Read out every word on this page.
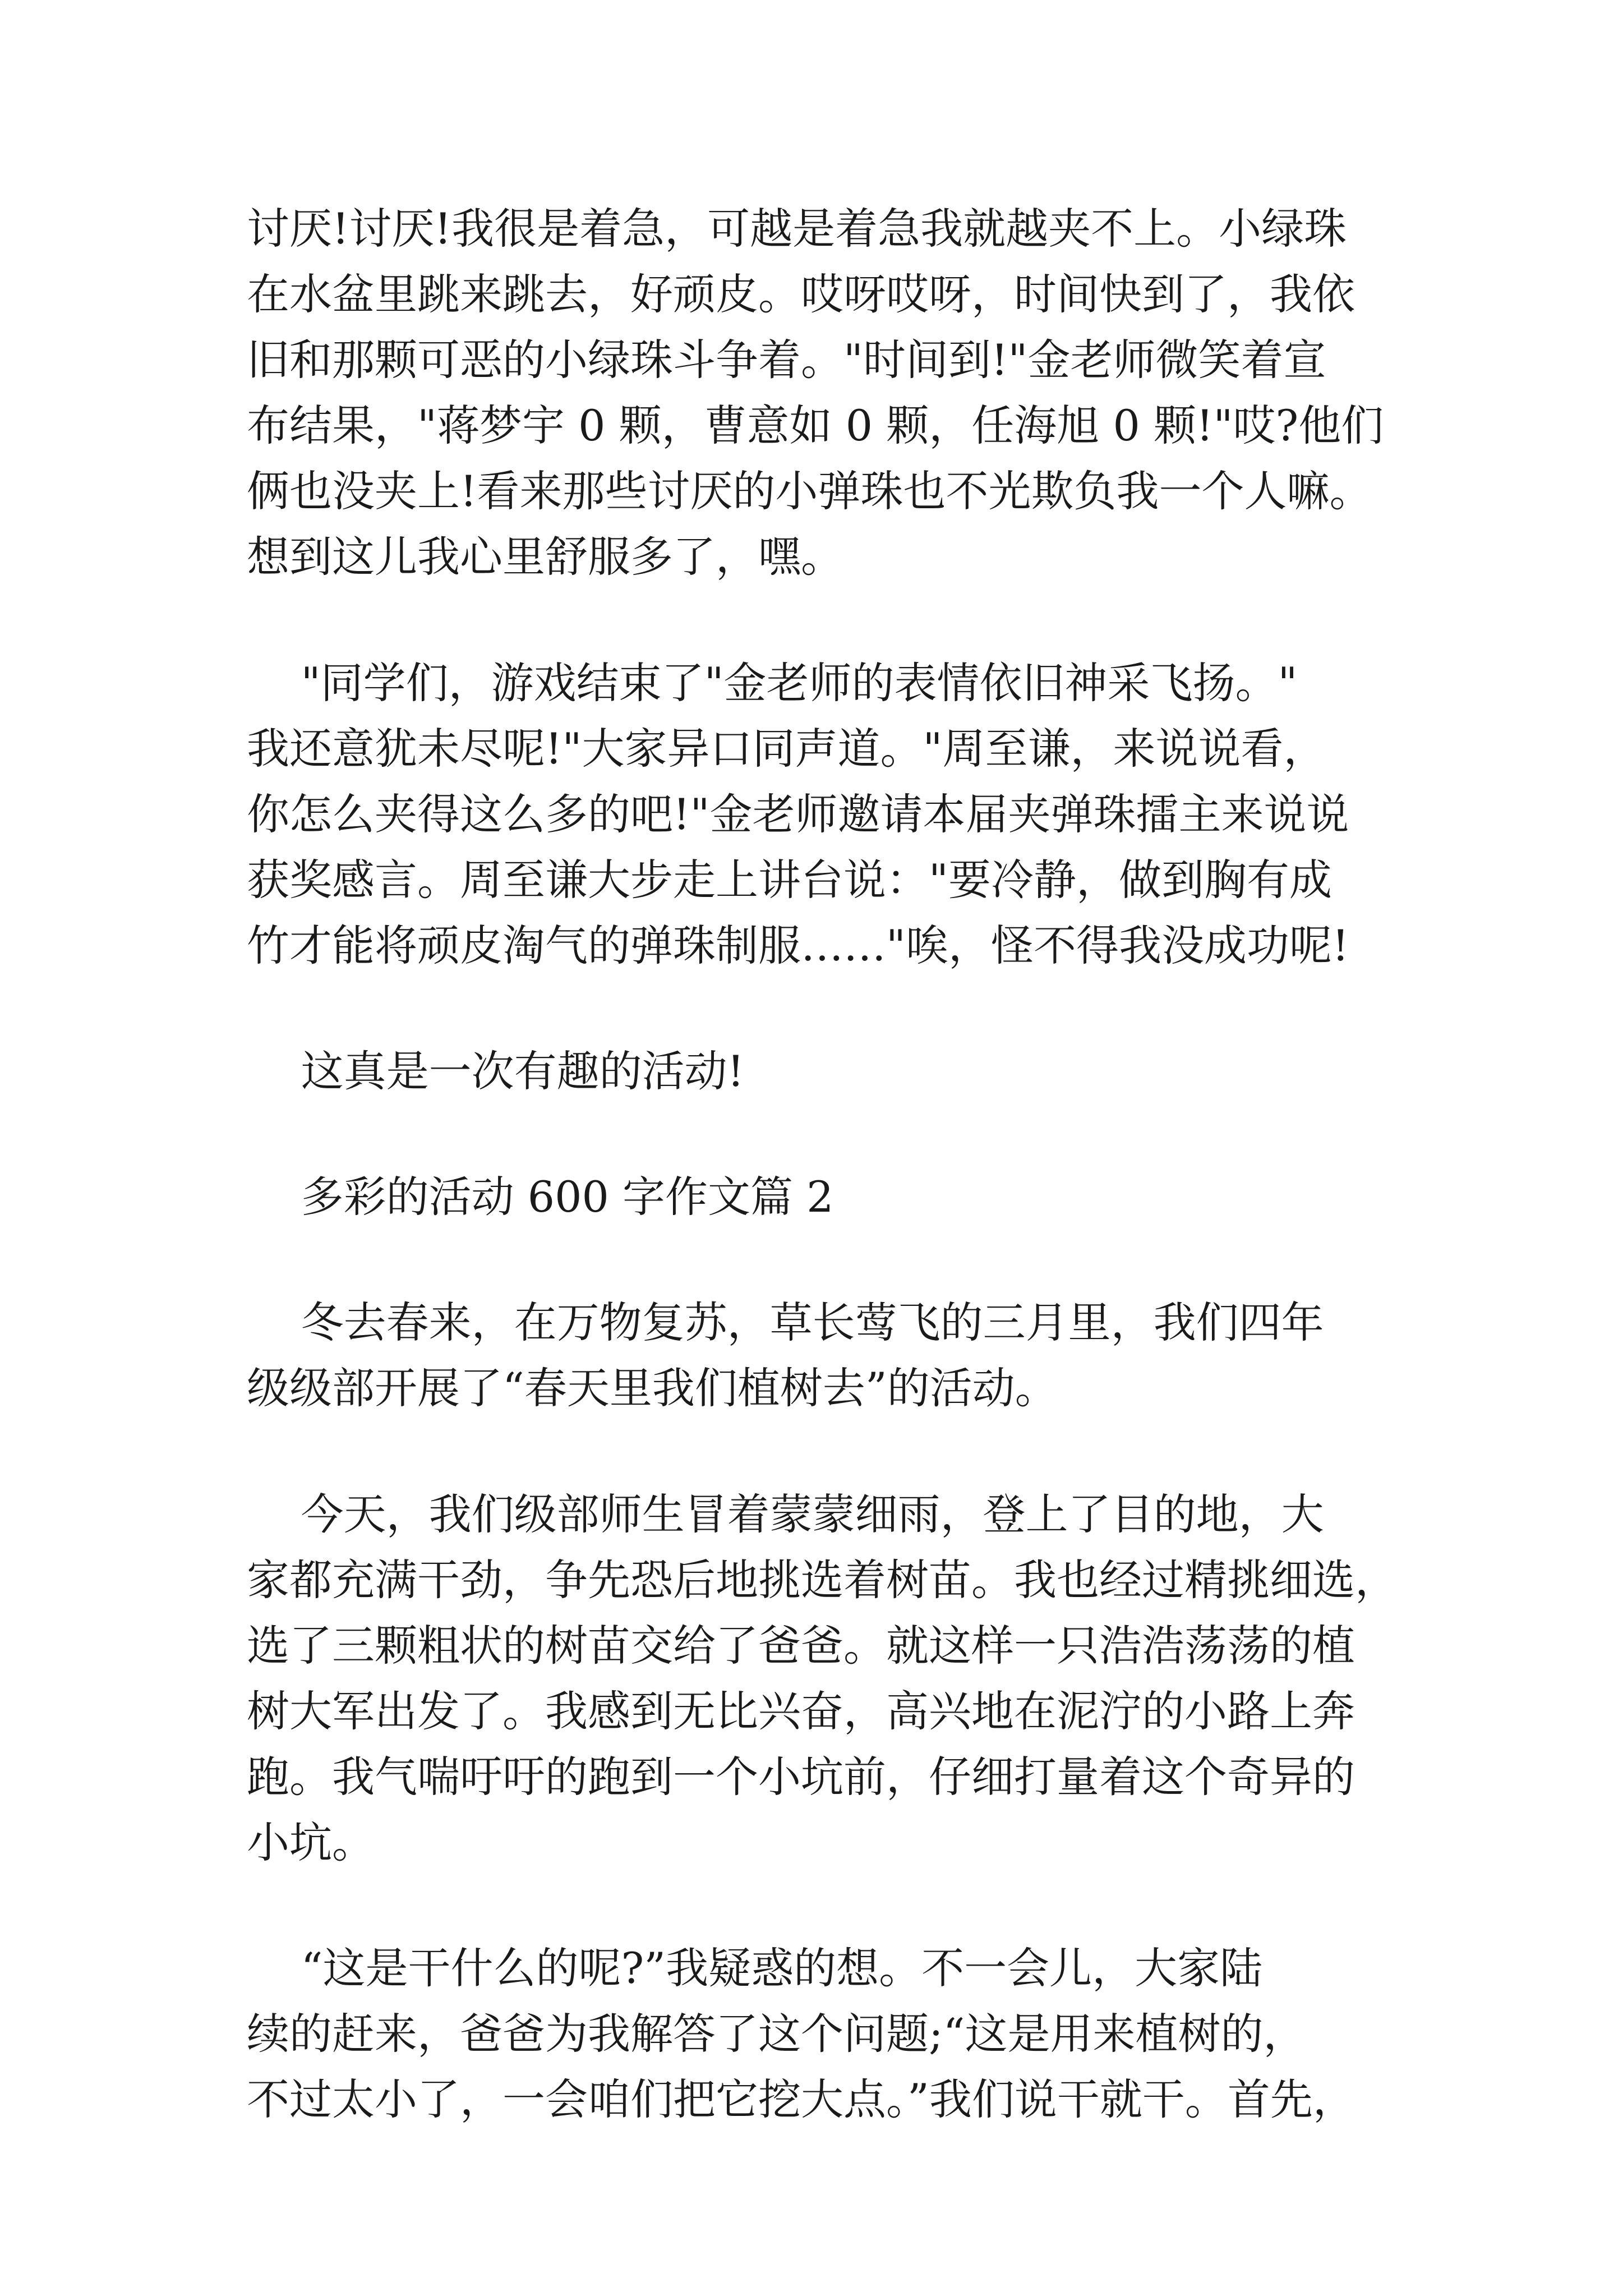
讨厌!讨厌!我很是着急，可越是着急我就越夹不上。小绿珠
在水盆里跳来跳去，好顽皮。哎呀哎呀，时间快到了，我依
旧和那颗可恶的小绿珠斗争着。"时间到!"金老师微笑着宣
布结果，"蒋梦宇 0 颗，曹意如 0 颗，任海旭 0 颗!"哎?他们
俩也没夹上!看来那些讨厌的小弹珠也不光欺负我一个人嘛。
想到这儿我心里舒服多了，嘿。
"同学们，游戏结束了"金老师的表情依旧神采飞扬。"
我还意犹未尽呢!"大家异口同声道。"周至谦，来说说看，
你怎么夹得这么多的吧!"金老师邀请本届夹弹珠擂主来说说
获奖感言。周至谦大步走上讲台说："要冷静，做到胸有成
竹才能将顽皮淘气的弹珠制服……"唉，怪不得我没成功呢!
这真是一次有趣的活动!
多彩的活动 600 字作文篇 2
冬去春来，在万物复苏，草长莺飞的三月里，我们四年
级级部开展了“春天里我们植树去”的活动。
今天，我们级部师生冒着蒙蒙细雨，登上了目的地，大
家都充满干劲，争先恐后地挑选着树苗。我也经过精挑细选，
选了三颗粗状的树苗交给了爸爸。就这样一只浩浩荡荡的植
树大军出发了。我感到无比兴奋，高兴地在泥泞的小路上奔
跑。我气喘吁吁的跑到一个小坑前，仔细打量着这个奇异的
小坑。
“这是干什么的呢?”我疑惑的想。不一会儿，大家陆
续的赶来，爸爸为我解答了这个问题;“这是用来植树的，
不过太小了，一会咱们把它挖大点。”我们说干就干。首先，
